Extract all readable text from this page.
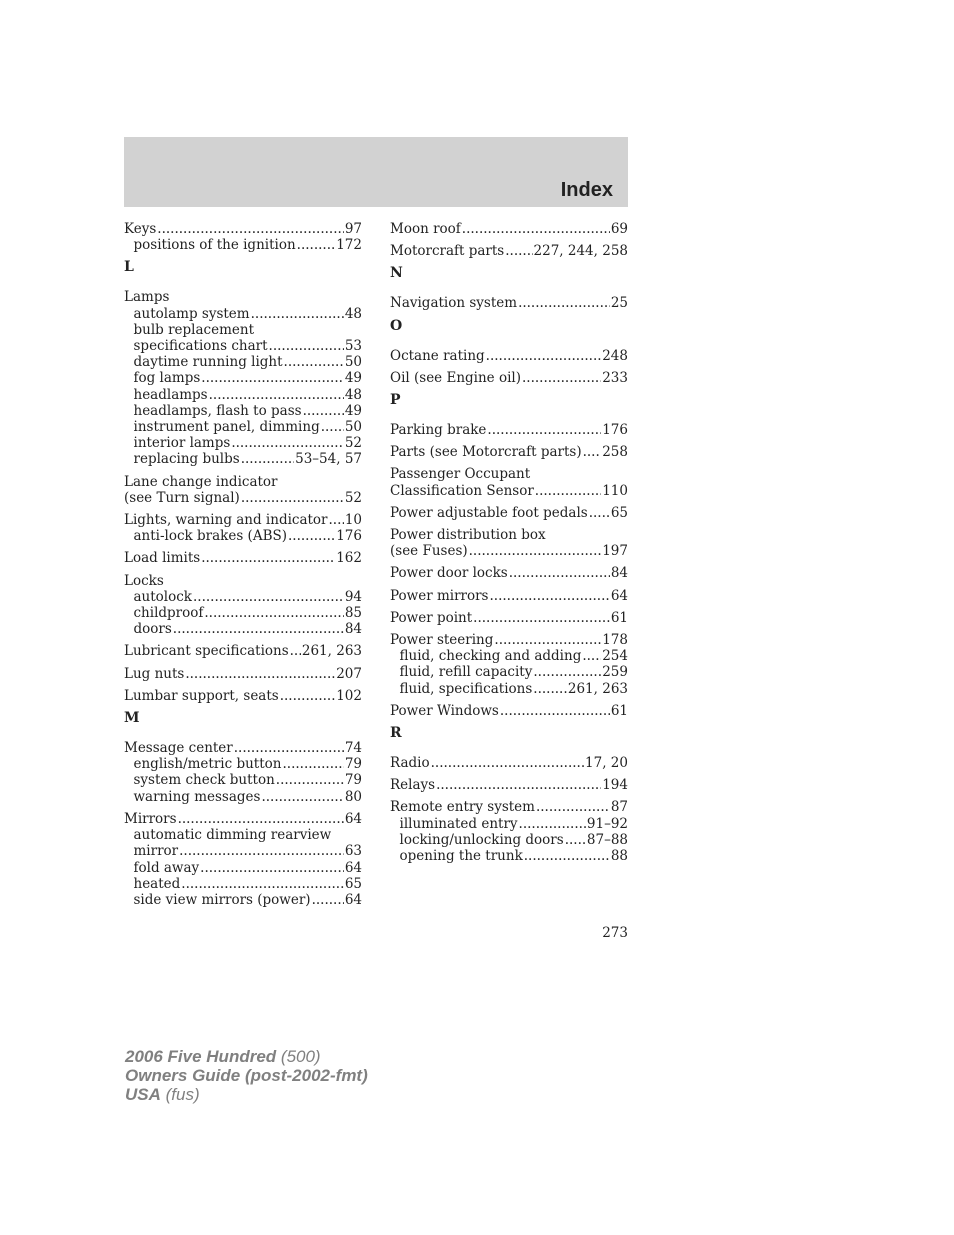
Index
Keys .....	97
positions of the ignition .....	172
L
Lamps
autolamp system .....	48
bulb replacement
specifications chart .....	53
daytime running light .....	50
fog lamps .....	49
headlamps .....	48
headlamps, flash to pass .....	49
instrument panel, dimming ..... 50
interior lamps .....	52
replacing bulbs .....	53–54, 57
Lane change indicator
(see Turn signal) .....	52
Lights, warning and indicator ..... 10
anti-lock brakes (ABS) .....	176
Load limits .....	162
Locks
autolock .....	94
childproof .....	85
doors .....	84
Lubricant specifications ..... 261, 263
Lug nuts .....	207
Lumbar support, seats .....	102
M
Message center .....	74
english/metric button .....	79
system check button .....	79
warning messages .....	80
Mirrors .....	64
automatic dimming rearview
mirror .....	63
fold away .....	64
heated .....	65
side view mirrors (power) .....	64
Moon roof .....	69
Motorcraft parts ..... 227, 244, 258
N
Navigation system .....	25
O
Octane rating .....	248
Oil (see Engine oil) .....	233
P
Parking brake .....	176
Parts (see Motorcraft parts) ..... 258
Passenger Occupant
Classification Sensor .....	110
Power adjustable foot pedals ..... 65
Power distribution box
(see Fuses) .....	197
Power door locks .....	84
Power mirrors .....	64
Power point .....	61
Power steering .....	178
fluid, checking and adding ..... 254
fluid, refill capacity .....	259
fluid, specifications .....	261, 263
Power Windows .....	61
R
Radio .....	17, 20
Relays .....	194
Remote entry system .....	87
illuminated entry .....	91–92
locking/unlocking doors ..... 87–88
opening the trunk .....	88
273
2006 Five Hundred (500)
Owners Guide (post-2002-fmt)
USA (fus)
